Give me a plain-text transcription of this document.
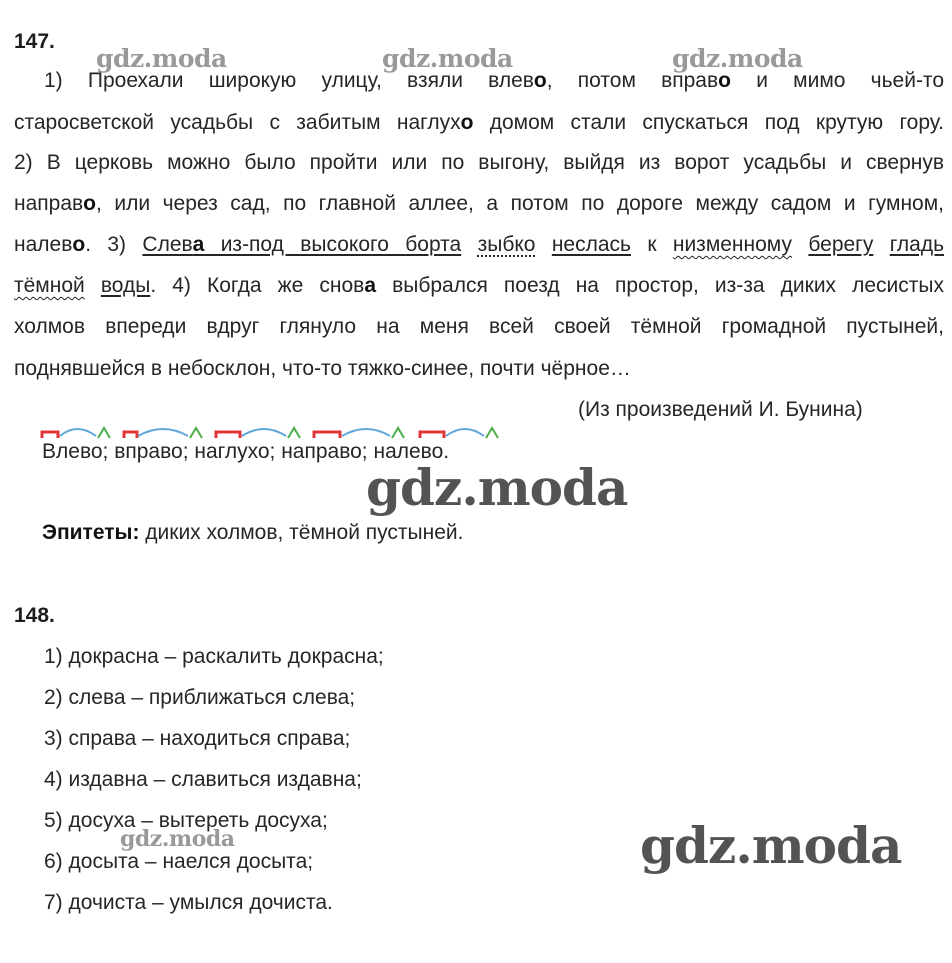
gdz.moda	gdz.moda	gdz.moda
147.
1) Проехали широкую улицу, взяли влево, потом вправо и мимо чьей-то
старосветской усадьбы с забитым наглухо домом стали спускаться под крутую гору.
2) В церковь можно было пройти или по выгону, выйдя из ворот усадьбы и свернув
направо, или через сад, по главной аллее, а потом по дороге между садом и гумном,
налево. 3) Слева из-под высокого борта зыбко неслась к низменному берегу гладь
тёмной воды. 4) Когда же снова выбрался поезд на простор, из-за диких лесистых
холмов впереди вдруг глянуло на меня всей своей тёмной громадной пустыней,
поднявшейся в небосклон, что-то тяжко-синее, почти чёрное…
(Из произведений И. Бунина)
Влево; вправо; наглухо; направо; налево.
gdz.moda
Эпитеты: диких холмов, тёмной пустыней.
148.
1) докрасна – раскалить докрасна;
2) слева – приближаться слева;
3) справа – находиться справа;
4) издавна – славиться издавна;
5) досуха – вытереть досуха;
6) досыта – наелся досыта;
7) дочиста – умылся дочиста.
gdz.moda	gdz.moda
